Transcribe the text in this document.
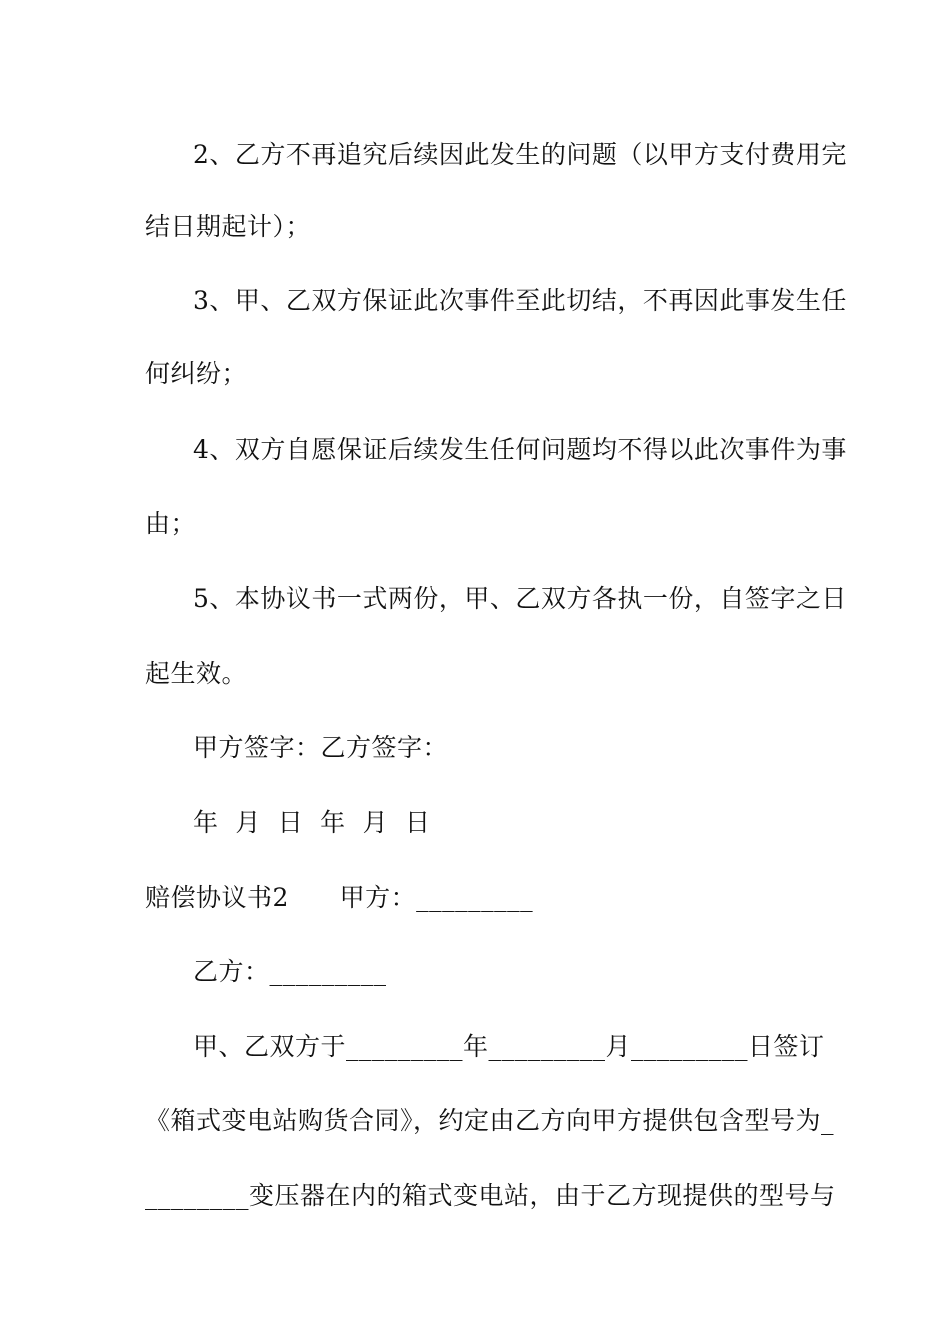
2、乙方不再追究后续因此发生的问题（以甲方支付费用完
结日期起计）；
3、甲、乙双方保证此次事件至此切结，不再因此事发生任
何纠纷；
4、双方自愿保证后续发生任何问题均不得以此次事件为事
由；
5、本协议书一式两份，甲、乙双方各执一份，自签字之日
起生效。
甲方签字：乙方签字：
年  月  日  年  月  日
赔偿协议书2      甲方：_________
乙方：_________
甲、乙双方于_________年_________月_________日签订
《箱式变电站购货合同》，约定由乙方向甲方提供包含型号为_
________变压器在内的箱式变电站，由于乙方现提供的型号与
